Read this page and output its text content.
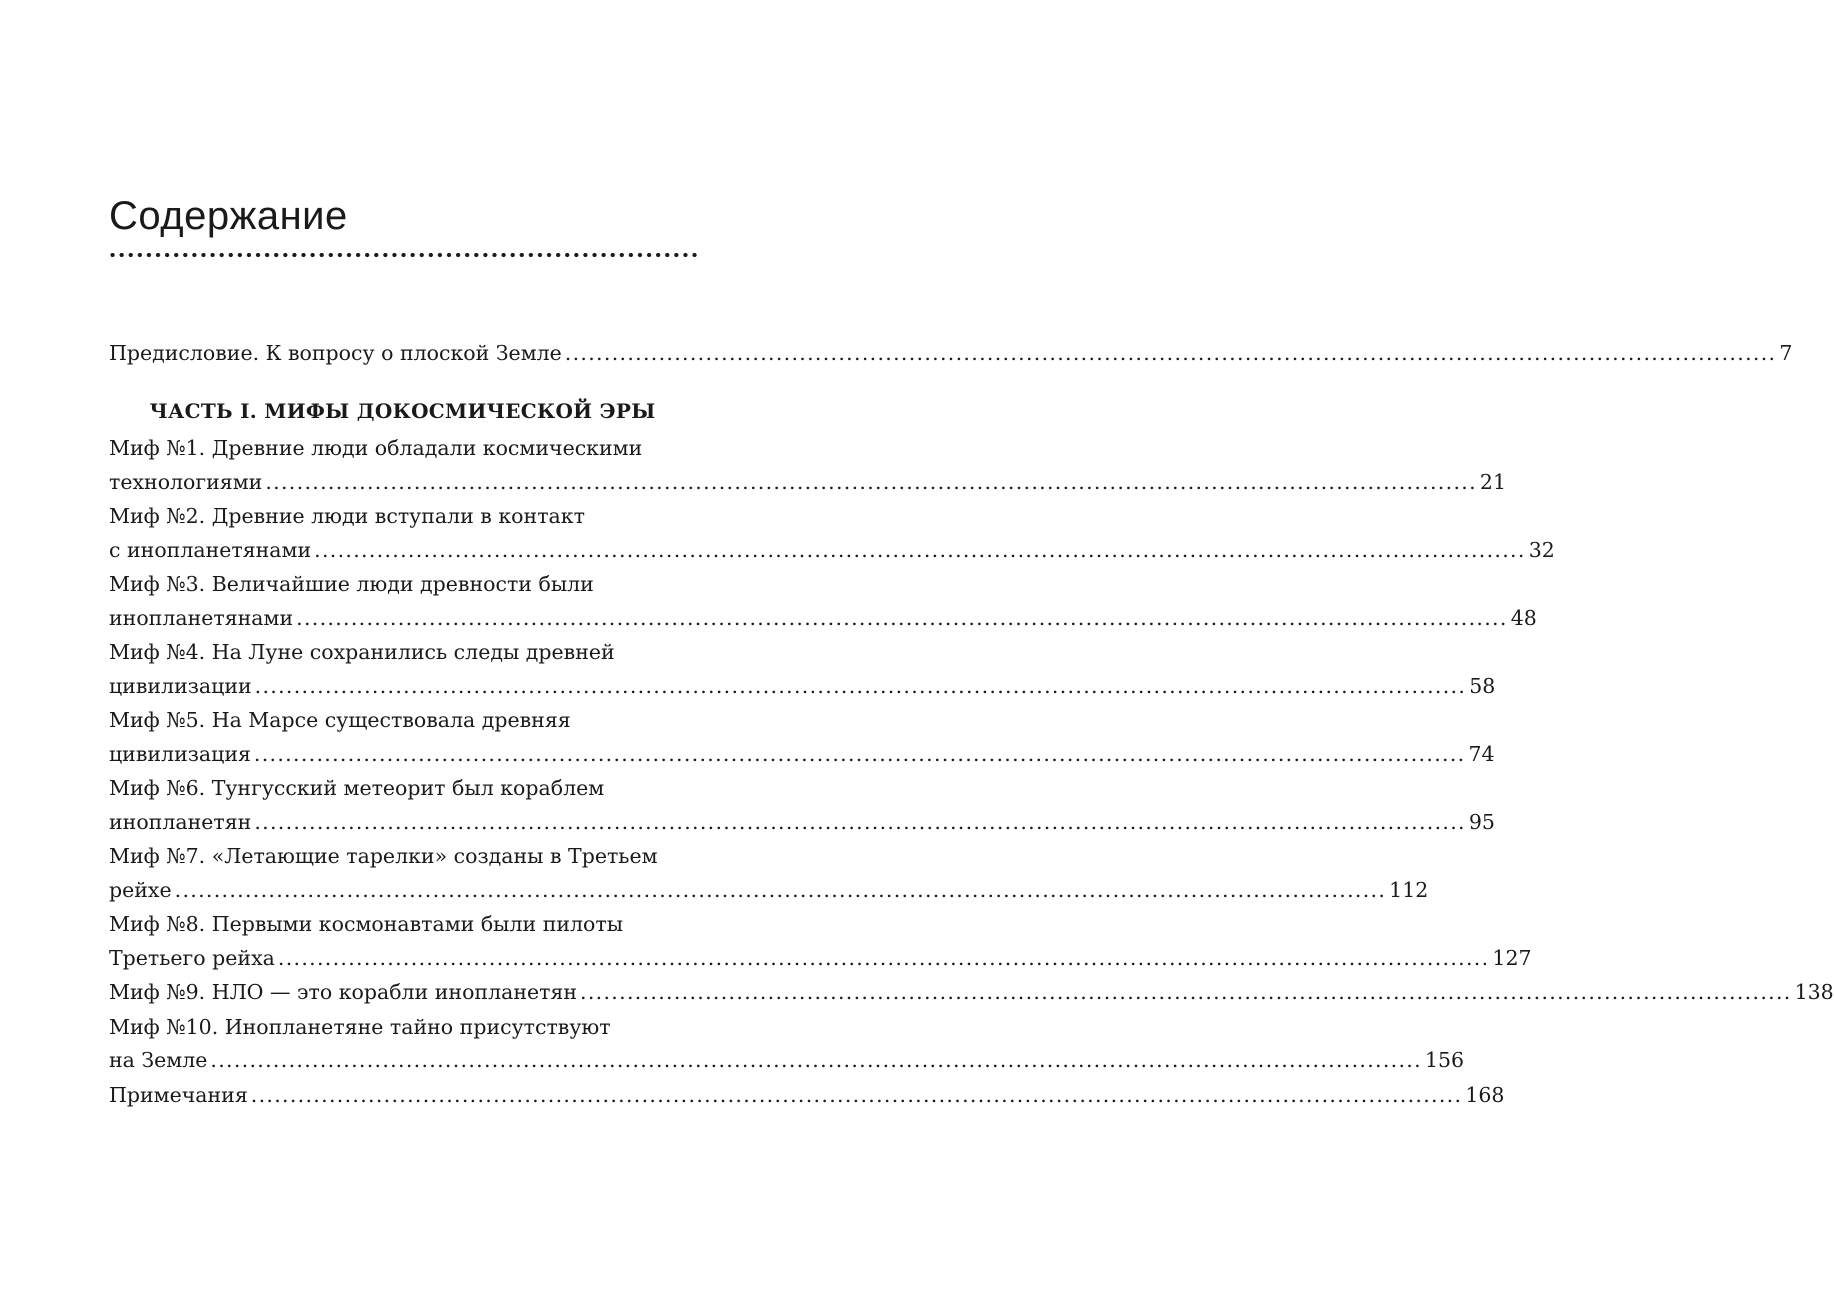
Содержание
Предисловие. К вопросу о плоской Земле ........................................................................................................................................................... 7
ЧАСТЬ I. МИФЫ ДОКОСМИЧЕСКОЙ ЭРЫ
Миф №1. Древние люди обладали космическими
технологиями ........................................................................................................................................................... 21
Миф №2. Древние люди вступали в контакт
с инопланетянами ........................................................................................................................................................... 32
Миф №3. Величайшие люди древности были
инопланетянами ........................................................................................................................................................... 48
Миф №4. На Луне сохранились следы древней
цивилизации ........................................................................................................................................................... 58
Миф №5. На Марсе существовала древняя
цивилизация ........................................................................................................................................................... 74
Миф №6. Тунгусский метеорит был кораблем
инопланетян ........................................................................................................................................................... 95
Миф №7. «Летающие тарелки» созданы в Третьем
рейхе ........................................................................................................................................................... 112
Миф №8. Первыми космонавтами были пилоты
Третьего рейха ........................................................................................................................................................... 127
Миф №9. НЛО — это корабли инопланетян ........................................................................................................................................................... 138
Миф №10. Инопланетяне тайно присутствуют
на Земле ........................................................................................................................................................... 156
Примечания ........................................................................................................................................................... 168
